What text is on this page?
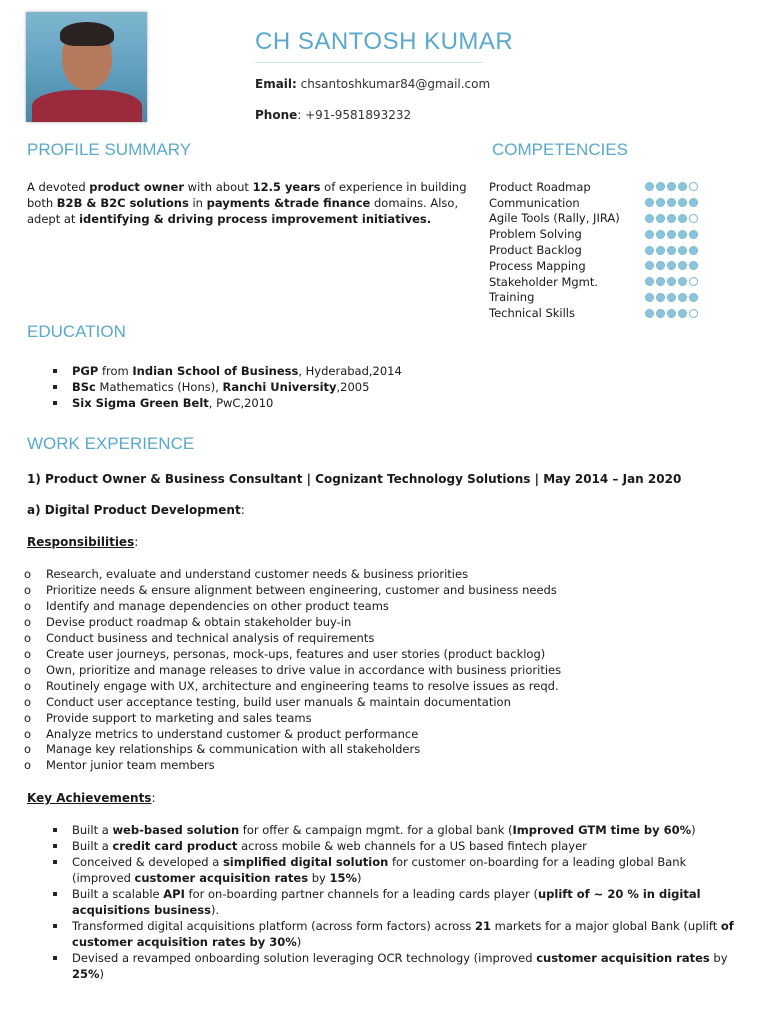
CH SANTOSH KUMAR
Email: chsantoshkumar84@gmail.com
Phone: +91-9581893232
PROFILE SUMMARY
A devoted product owner with about 12.5 years of experience in building both B2B & B2C solutions in payments &trade finance domains. Also, adept at identifying & driving process improvement initiatives.
COMPETENCIES
Product Roadmap
Communication
Agile Tools (Rally, JIRA)
Problem Solving
Product Backlog
Process Mapping
Stakeholder Mgmt.
Training
Technical Skills
EDUCATION
PGP from Indian School of Business, Hyderabad,2014
BSc Mathematics (Hons), Ranchi University,2005
Six Sigma Green Belt, PwC,2010
WORK EXPERIENCE
1) Product Owner & Business Consultant | Cognizant Technology Solutions | May 2014 – Jan 2020
a) Digital Product Development:
Responsibilities:
o	Research, evaluate and understand customer needs & business priorities
o	Prioritize needs & ensure alignment between engineering, customer and business needs
o	Identify and manage dependencies on other product teams
o	Devise product roadmap & obtain stakeholder buy-in
o	Conduct business and technical analysis of requirements
o	Create user journeys, personas, mock-ups, features and user stories (product backlog)
o	Own, prioritize and manage releases to drive value in accordance with business priorities
o	Routinely engage with UX, architecture and engineering teams to resolve issues as reqd.
o	Conduct user acceptance testing, build user manuals & maintain documentation
o	Provide support to marketing and sales teams
o	Analyze metrics to understand customer & product performance
o	Manage key relationships & communication with all stakeholders
o	Mentor junior team members
Key Achievements:
Built a web-based solution for offer & campaign mgmt. for a global bank (Improved GTM time by 60%)
Built a credit card product across mobile & web channels for a US based fintech player
Conceived & developed a simplified digital solution for customer on-boarding for a leading global Bank (improved customer acquisition rates by 15%)
Built a scalable API for on-boarding partner channels for a leading cards player (uplift of ~ 20 % in digital acquisitions business).
Transformed digital acquisitions platform (across form factors) across 21 markets for a major global Bank (uplift of customer acquisition rates by 30%)
Devised a revamped onboarding solution leveraging OCR technology (improved customer acquisition rates by 25%)
